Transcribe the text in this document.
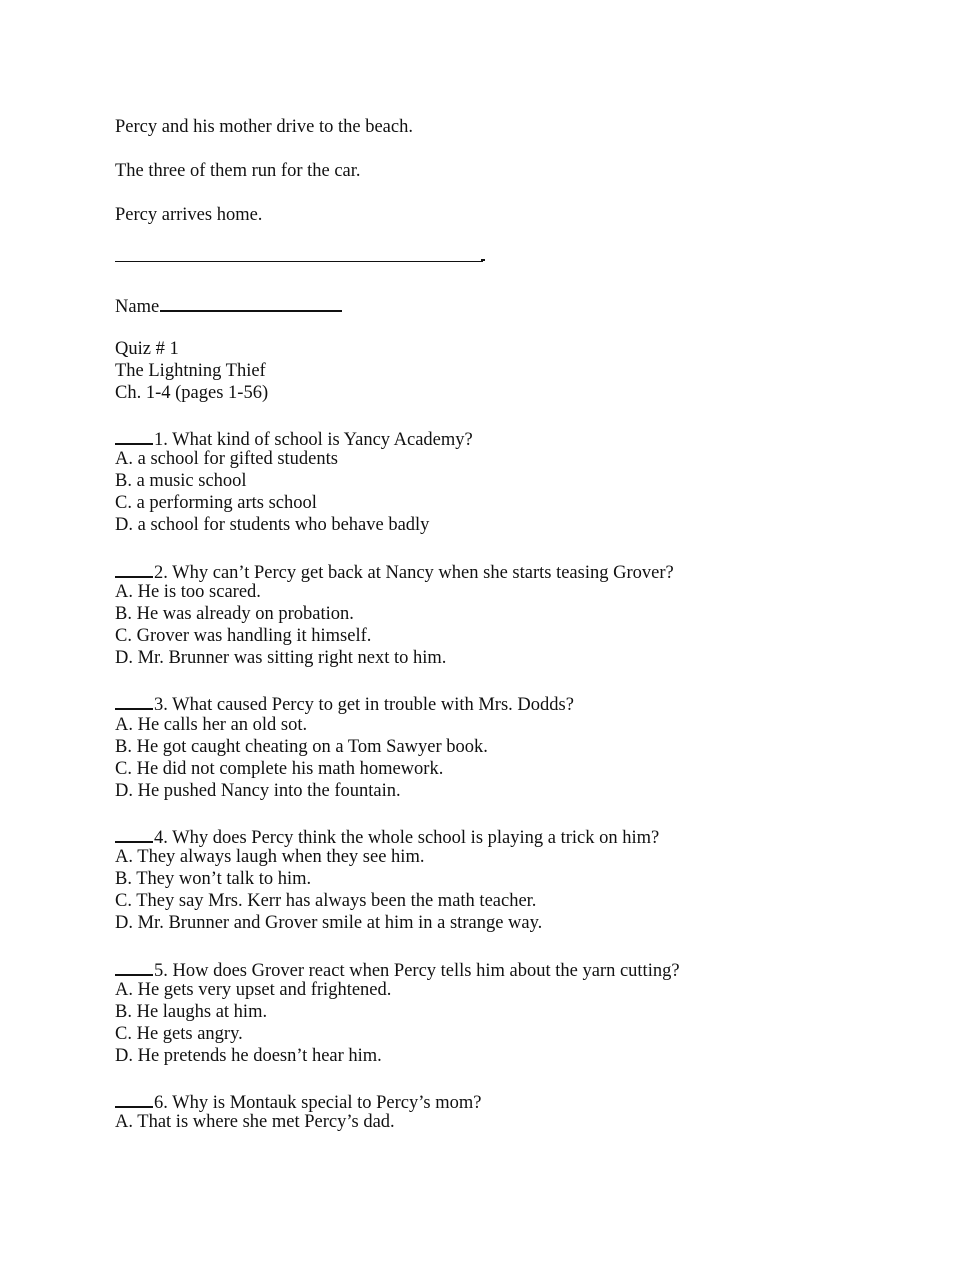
Percy and his mother drive to the beach.
The three of them run for the car.
Percy arrives home.
Name
Quiz # 1
The Lightning Thief
Ch. 1-4 (pages 1-56)
1. What kind of school is Yancy Academy?
A. a school for gifted students
B. a music school
C. a performing arts school
D. a school for students who behave badly
2. Why can’t Percy get back at Nancy when she starts teasing Grover?
A. He is too scared.
B. He was already on probation.
C. Grover was handling it himself.
D. Mr. Brunner was sitting right next to him.
3. What caused Percy to get in trouble with Mrs. Dodds?
A. He calls her an old sot.
B. He got caught cheating on a Tom Sawyer book.
C. He did not complete his math homework.
D. He pushed Nancy into the fountain.
4. Why does Percy think the whole school is playing a trick on him?
A. They always laugh when they see him.
B. They won’t talk to him.
C. They say Mrs. Kerr has always been the math teacher.
D. Mr. Brunner and Grover smile at him in a strange way.
5. How does Grover react when Percy tells him about the yarn cutting?
A. He gets very upset and frightened.
B. He laughs at him.
C. He gets angry.
D. He pretends he doesn’t hear him.
6. Why is Montauk special to Percy’s mom?
A. That is where she met Percy’s dad.
